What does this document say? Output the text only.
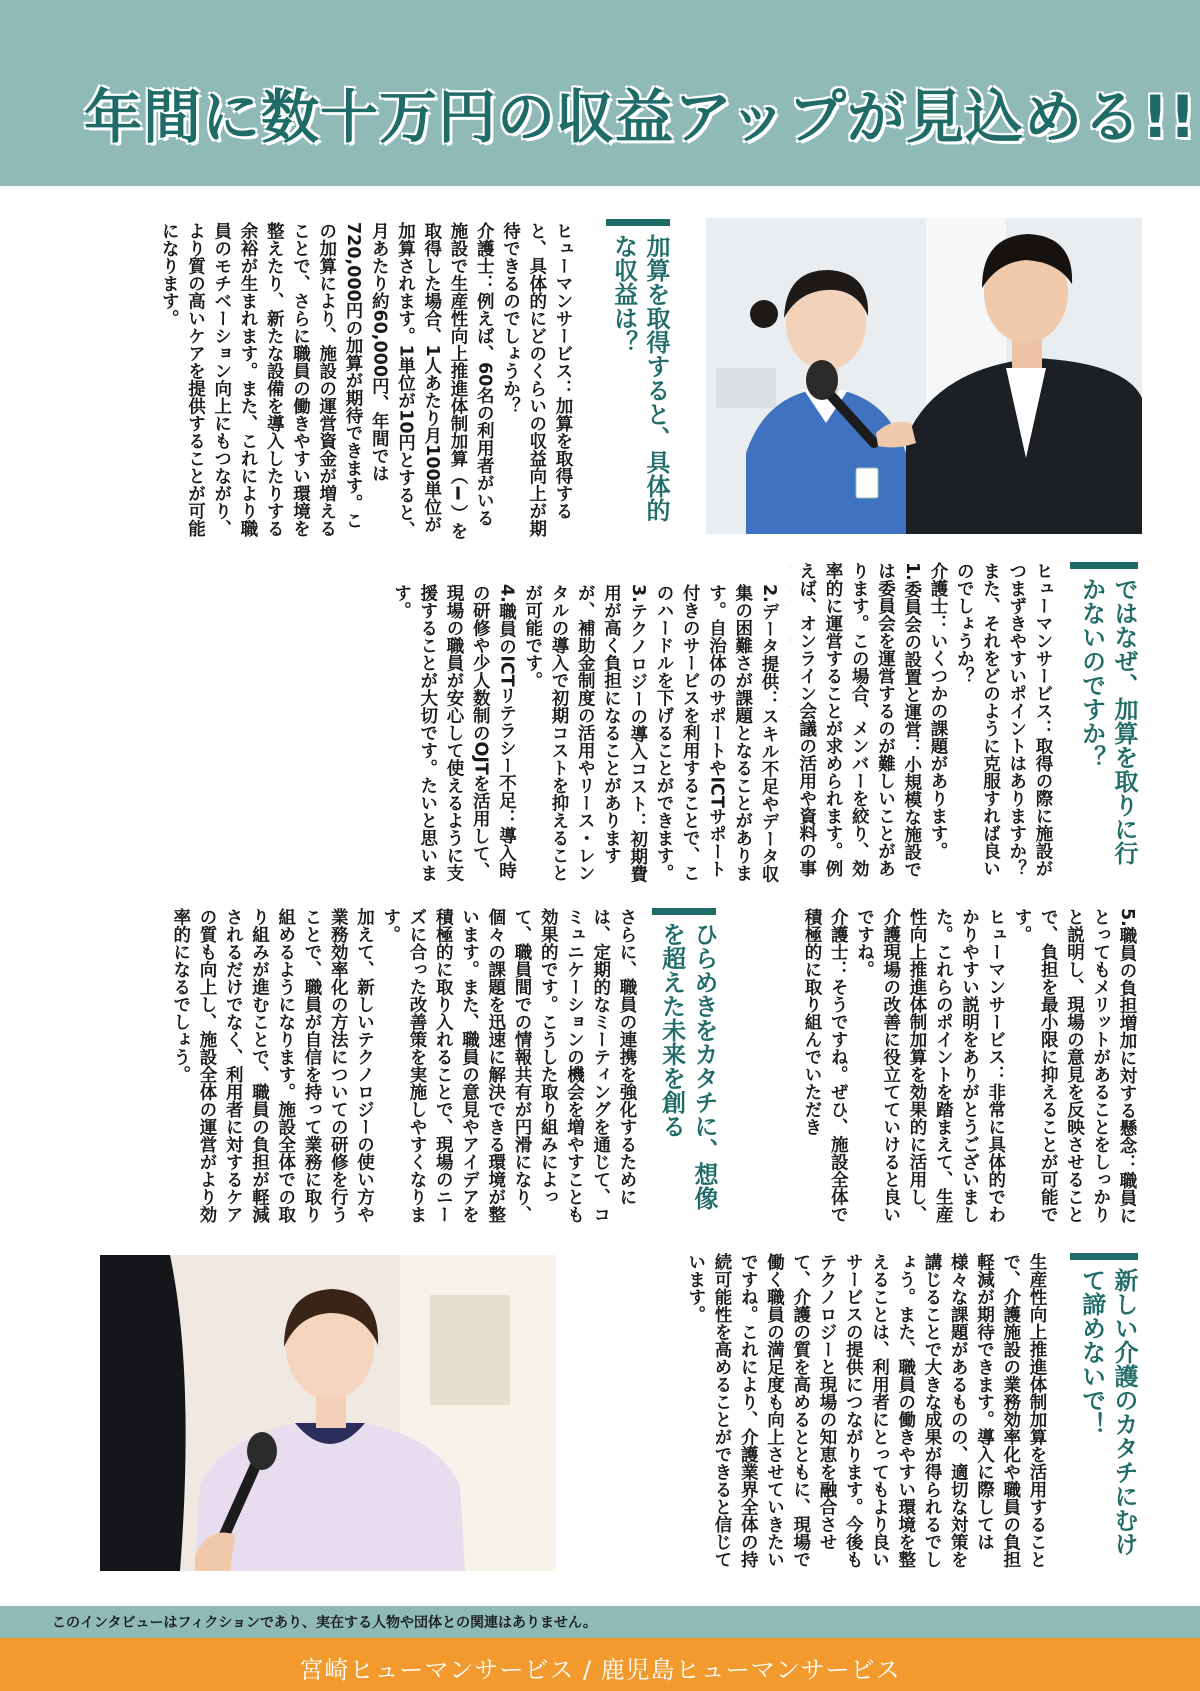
年間に数十万円の収益アップが見込める!!
加算を取得すると、具体的な収益は？

ヒューマンサービス：加算を取得すると、具体的にどのくらいの収益向上が期待できるのでしょうか？

介護士：例えば、60名の利用者がいる施設で生産性向上推進体制加算（Ⅰ）を取得した場合、1人あたり月100単位が加算されます。1単位が10円とすると、月あたり約60,000円、年間では720,000円の加算が期待できます。この加算により、施設の運営資金が増えることで、さらに職員の働きやすい環境を整えたり、新たな設備を導入したりする余裕が生まれます。また、これにより職員のモチベーション向上にもつながり、より質の高いケアを提供することが可能になります。

ではなぜ、加算を取りに行かないのですか？

ヒューマンサービス：取得の際に施設がつまずきやすいポイントはありますか？また、それをどのように克服すれば良いのでしょうか？

介護士：いくつかの課題があります。

1.委員会の設置と運営：小規模な施設では委員会を運営するのが難しいことがあります。この場合、メンバーを絞り、効率的に運営することが求められます。例えば、オンライン会議の活用や資料の事

2.データ提供：スキル不足やデータ収集の困難さが課題となることがあります。自治体のサポートやICTサポート付きのサービスを利用することで、このハードルを下げることができます。

3.テクノロジーの導入コスト：初期費用が高く負担になることがありますが、補助金制度の活用やリース・レンタルの導入で初期コストを抑えることが可能です。

4.職員のICTリテラシー不足：導入時の研修や少人数制のOJTを活用して、現場の職員が安心して使えるように支援することが大切です。たいと思います。

5.職員の負担増加に対する懸念：職員にとってもメリットがあることをしっかりと説明し、現場の意見を反映させることで、負担を最小限に抑えることが可能です。

ヒューマンサービス：非常に具体的でわかりやすい説明をありがとうございました。これらのポイントを踏まえて、生産性向上推進体制加算を効果的に活用し、介護現場の改善に役立てていけると良いですね。

介護士：そうですね。ぜひ、施設全体で積極的に取り組んでいただき

ひらめきをカタチに、想像を超えた未来を創る

さらに、職員の連携を強化するためには、定期的なミーティングを通じて、コミュニケーションの機会を増やすことも効果的です。こうした取り組みによって、職員間での情報共有が円滑になり、個々の課題を迅速に解決できる環境が整います。また、職員の意見やアイデアを積極的に取り入れることで、現場のニーズに合った改善策を実施しやすくなります。

加えて、新しいテクノロジーの使い方や業務効率化の方法についての研修を行うことで、職員が自信を持って業務に取り組めるようになります。施設全体での取り組みが進むことで、職員の負担が軽減されるだけでなく、利用者に対するケアの質も向上し、施設全体の運営がより効率的になるでしょう。

新しい介護のカタチにむけて諦めないで！

生産性向上推進体制加算を活用することで、介護施設の業務効率化や職員の負担軽減が期待できます。導入に際しては様々な課題があるものの、適切な対策を講じることで大きな成果が得られるでしょう。また、職員の働きやすい環境を整えることは、利用者にとってもより良いサービスの提供につながります。今後もテクノロジーと現場の知恵を融合させて、介護の質を高めるとともに、現場で働く職員の満足度も向上させていきたいですね。これにより、介護業界全体の持続可能性を高めることができると信じています。

このインタビューはフィクションであり、実在する人物や団体との関連はありません。
宮崎ヒューマンサービス / 鹿児島ヒューマンサービス
